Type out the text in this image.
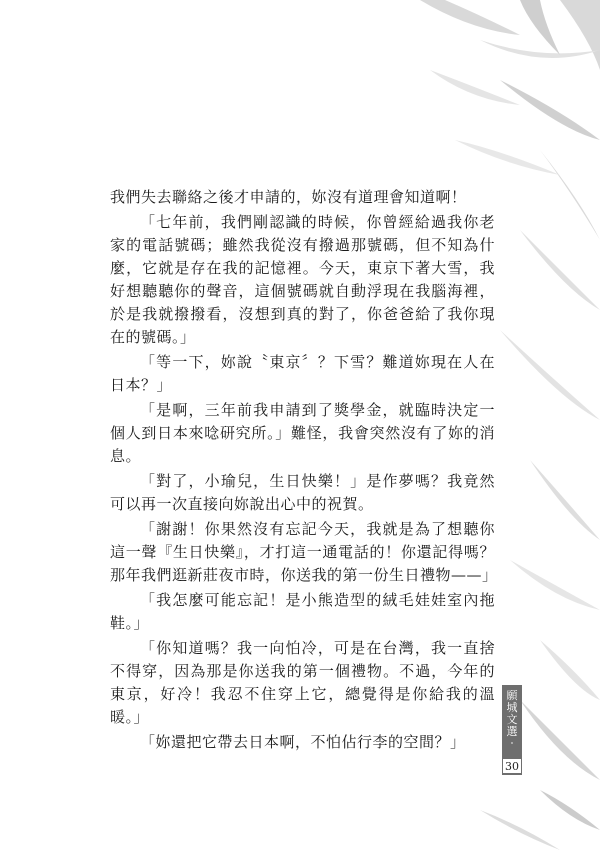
我們失去聯絡之後才申請的，妳沒有道理會知道啊！

「七年前，我們剛認識的時候，你曾經給過我你老家的電話號碼；雖然我從沒有撥過那號碼，但不知為什麼，它就是存在我的記憶裡。今天，東京下著大雪，我好想聽聽你的聲音，這個號碼就自動浮現在我腦海裡，於是我就撥撥看，沒想到真的對了，你爸爸給了我你現在的號碼。」

「等一下，妳說〝東京〞？下雪？難道妳現在人在日本？」

「是啊，三年前我申請到了獎學金，就臨時決定一個人到日本來唸研究所。」難怪，我會突然沒有了妳的消息。

「對了，小瑜兒，生日快樂！」是作夢嗎？我竟然可以再一次直接向妳說出心中的祝賀。

「謝謝！你果然沒有忘記今天，我就是為了想聽你這一聲『生日快樂』，才打這一通電話的！你還記得嗎？那年我們逛新莊夜市時，你送我的第一份生日禮物——」

「我怎麼可能忘記！是小熊造型的絨毛娃娃室內拖鞋。」

「你知道嗎？我一向怕冷，可是在台灣，我一直捨不得穿，因為那是你送我的第一個禮物。不過，今年的東京，好冷！我忍不住穿上它，總覺得是你給我的溫暖。」

「妳還把它帶去日本啊，不怕佔行李的空間？」

願
城
文
選
‧
30
